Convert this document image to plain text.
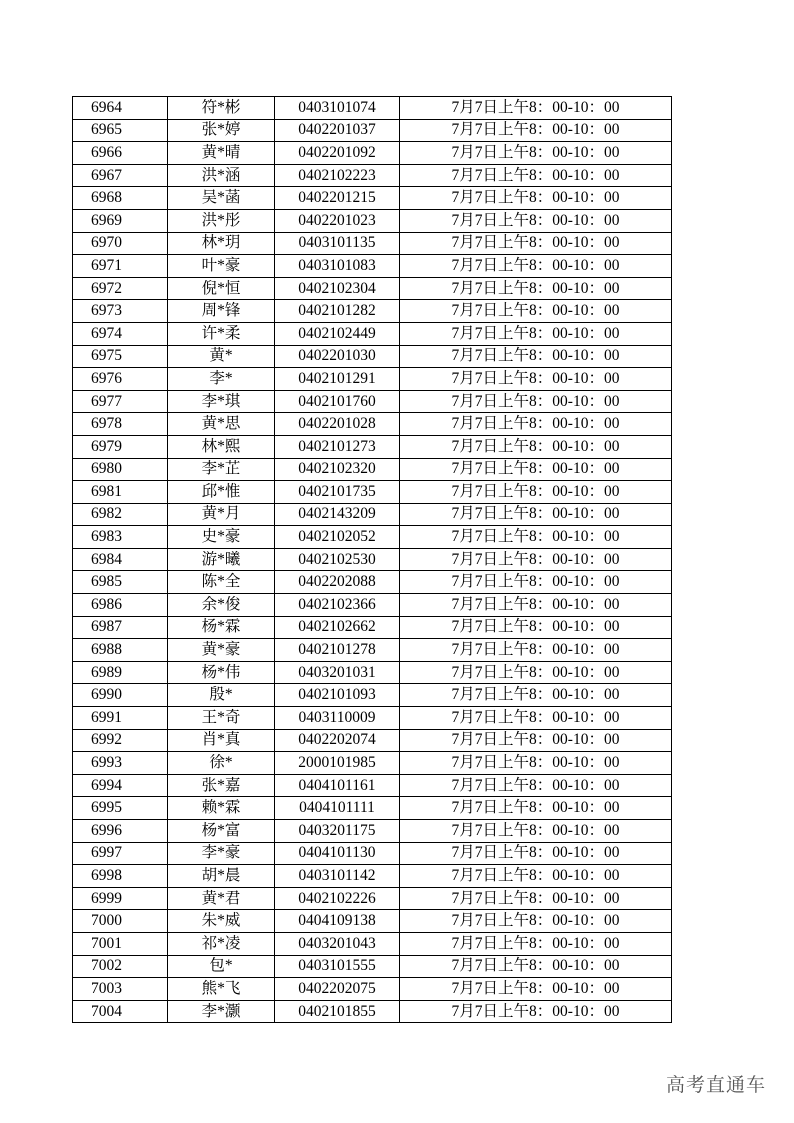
6964	符*彬	0403101074	7月7日上午8：00-10：00
6965	张*婷	0402201037	7月7日上午8：00-10：00
6966	黄*晴	0402201092	7月7日上午8：00-10：00
6967	洪*涵	0402102223	7月7日上午8：00-10：00
6968	吴*菡	0402201215	7月7日上午8：00-10：00
6969	洪*彤	0402201023	7月7日上午8：00-10：00
6970	林*玥	0403101135	7月7日上午8：00-10：00
6971	叶*豪	0403101083	7月7日上午8：00-10：00
6972	倪*恒	0402102304	7月7日上午8：00-10：00
6973	周*锋	0402101282	7月7日上午8：00-10：00
6974	许*柔	0402102449	7月7日上午8：00-10：00
6975	黄*	0402201030	7月7日上午8：00-10：00
6976	李*	0402101291	7月7日上午8：00-10：00
6977	李*琪	0402101760	7月7日上午8：00-10：00
6978	黄*思	0402201028	7月7日上午8：00-10：00
6979	林*熙	0402101273	7月7日上午8：00-10：00
6980	李*芷	0402102320	7月7日上午8：00-10：00
6981	邱*惟	0402101735	7月7日上午8：00-10：00
6982	黄*月	0402143209	7月7日上午8：00-10：00
6983	史*豪	0402102052	7月7日上午8：00-10：00
6984	游*曦	0402102530	7月7日上午8：00-10：00
6985	陈*全	0402202088	7月7日上午8：00-10：00
6986	余*俊	0402102366	7月7日上午8：00-10：00
6987	杨*霖	0402102662	7月7日上午8：00-10：00
6988	黄*豪	0402101278	7月7日上午8：00-10：00
6989	杨*伟	0403201031	7月7日上午8：00-10：00
6990	殷*	0402101093	7月7日上午8：00-10：00
6991	王*奇	0403110009	7月7日上午8：00-10：00
6992	肖*真	0402202074	7月7日上午8：00-10：00
6993	徐*	2000101985	7月7日上午8：00-10：00
6994	张*嘉	0404101161	7月7日上午8：00-10：00
6995	赖*霖	0404101111	7月7日上午8：00-10：00
6996	杨*富	0403201175	7月7日上午8：00-10：00
6997	李*豪	0404101130	7月7日上午8：00-10：00
6998	胡*晨	0403101142	7月7日上午8：00-10：00
6999	黄*君	0402102226	7月7日上午8：00-10：00
7000	朱*威	0404109138	7月7日上午8：00-10：00
7001	祁*凌	0403201043	7月7日上午8：00-10：00
7002	包*	0403101555	7月7日上午8：00-10：00
7003	熊*飞	0402202075	7月7日上午8：00-10：00
7004	李*灏	0402101855	7月7日上午8：00-10：00
高考直通车
